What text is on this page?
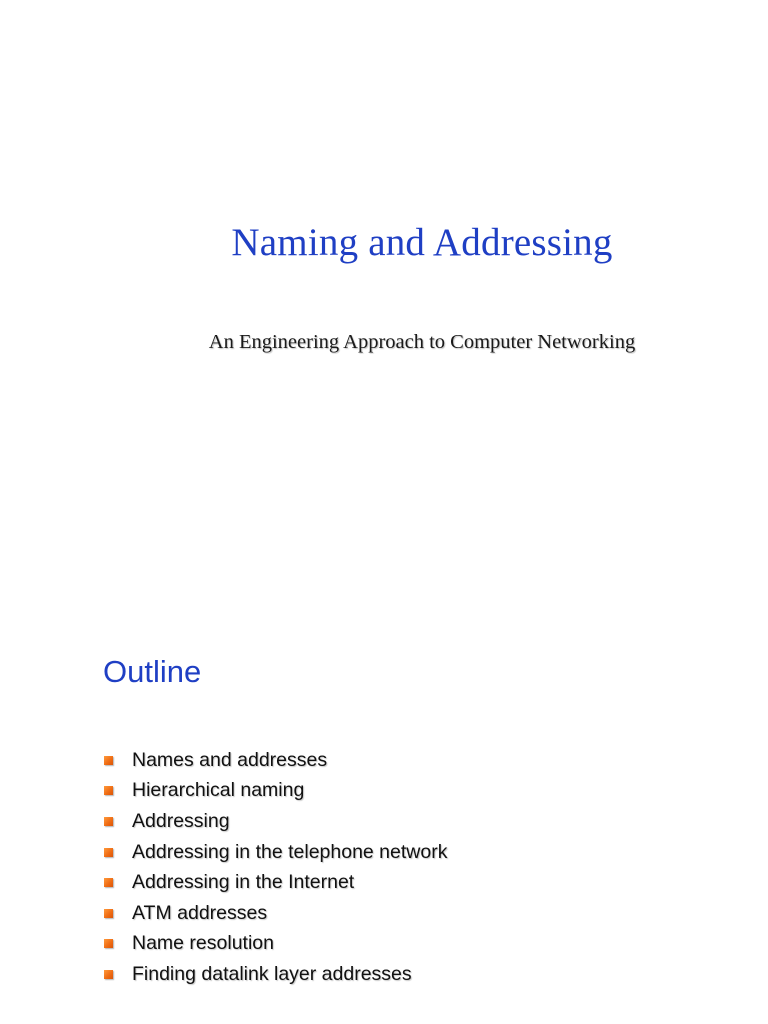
Naming and Addressing
An Engineering Approach to Computer Networking
Outline
Names and addresses
Hierarchical naming
Addressing
Addressing in the telephone network
Addressing in the Internet
ATM addresses
Name resolution
Finding datalink layer addresses
